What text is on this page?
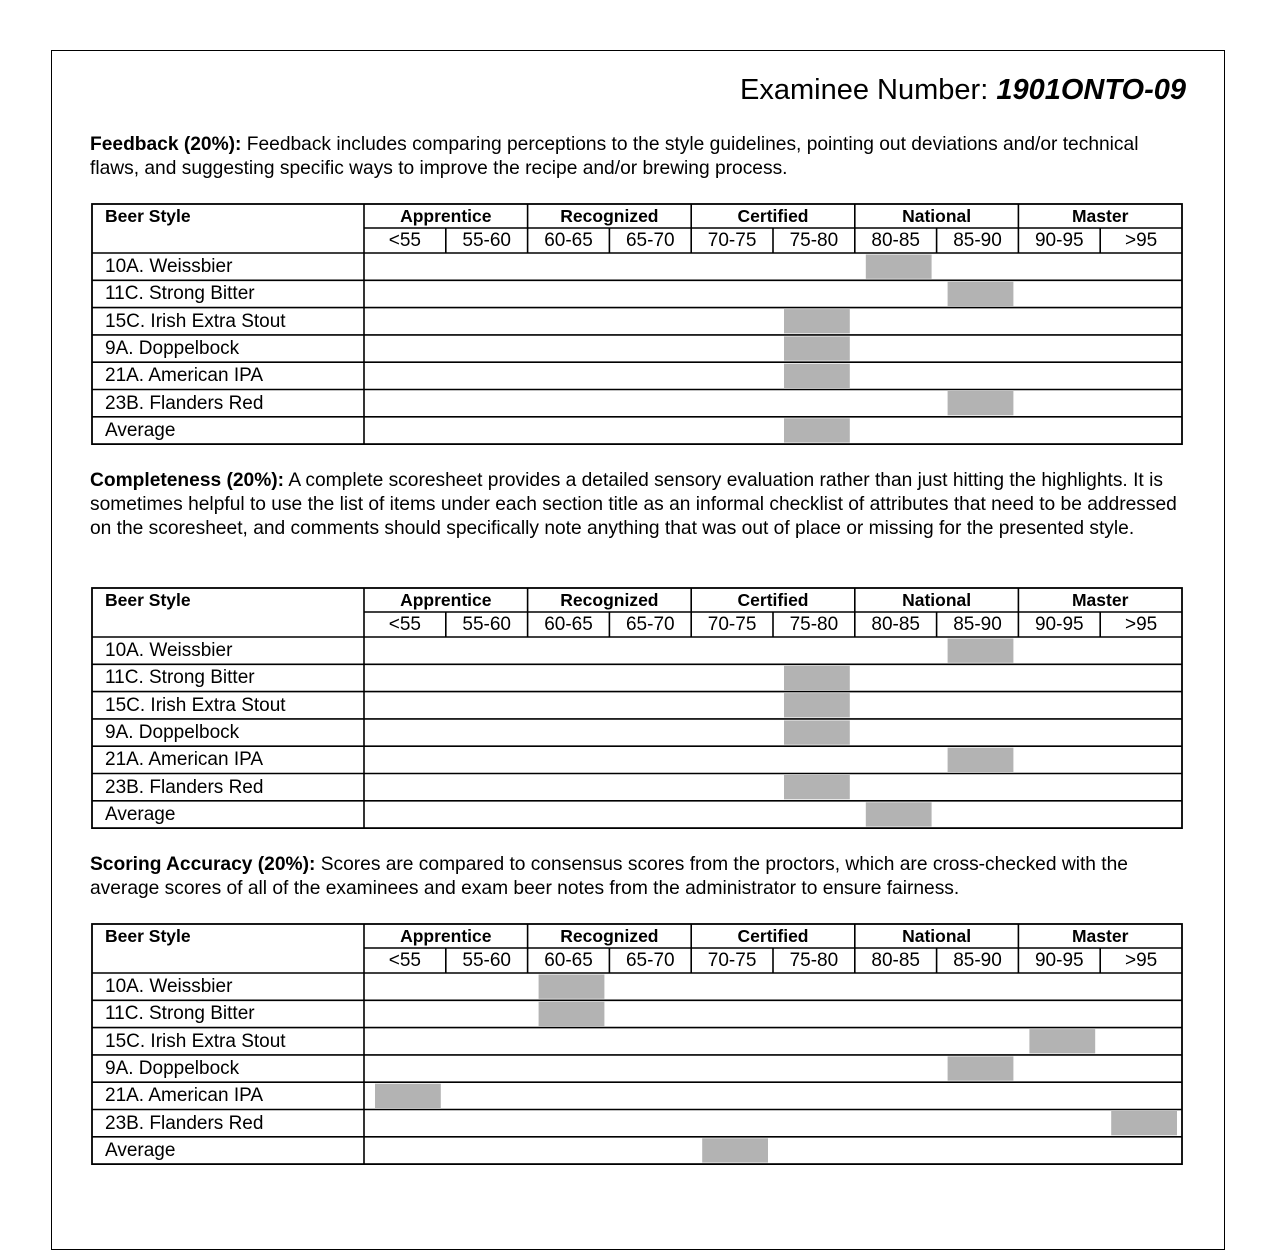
Examinee Number: 1901ONTO-09

Feedback (20%): Feedback includes comparing perceptions to the style guidelines, pointing out deviations and/or technical flaws, and suggesting specific ways to improve the recipe and/or brewing process.

Beer Style	Apprentice	Recognized	Certified	National	Master
<55 55-60 60-65 65-70 70-75 75-80 80-85 85-90 90-95 >95
10A. Weissbier
11C. Strong Bitter
15C. Irish Extra Stout
9A. Doppelbock
21A. American IPA
23B. Flanders Red
Average

Completeness (20%): A complete scoresheet provides a detailed sensory evaluation rather than just hitting the highlights. It is sometimes helpful to use the list of items under each section title as an informal checklist of attributes that need to be addressed on the scoresheet, and comments should specifically note anything that was out of place or missing for the presented style.

Beer Style	Apprentice	Recognized	Certified	National	Master
<55 55-60 60-65 65-70 70-75 75-80 80-85 85-90 90-95 >95
10A. Weissbier
11C. Strong Bitter
15C. Irish Extra Stout
9A. Doppelbock
21A. American IPA
23B. Flanders Red
Average

Scoring Accuracy (20%): Scores are compared to consensus scores from the proctors, which are cross-checked with the average scores of all of the examinees and exam beer notes from the administrator to ensure fairness.

Beer Style	Apprentice	Recognized	Certified	National	Master
<55 55-60 60-65 65-70 70-75 75-80 80-85 85-90 90-95 >95
10A. Weissbier
11C. Strong Bitter
15C. Irish Extra Stout
9A. Doppelbock
21A. American IPA
23B. Flanders Red
Average
